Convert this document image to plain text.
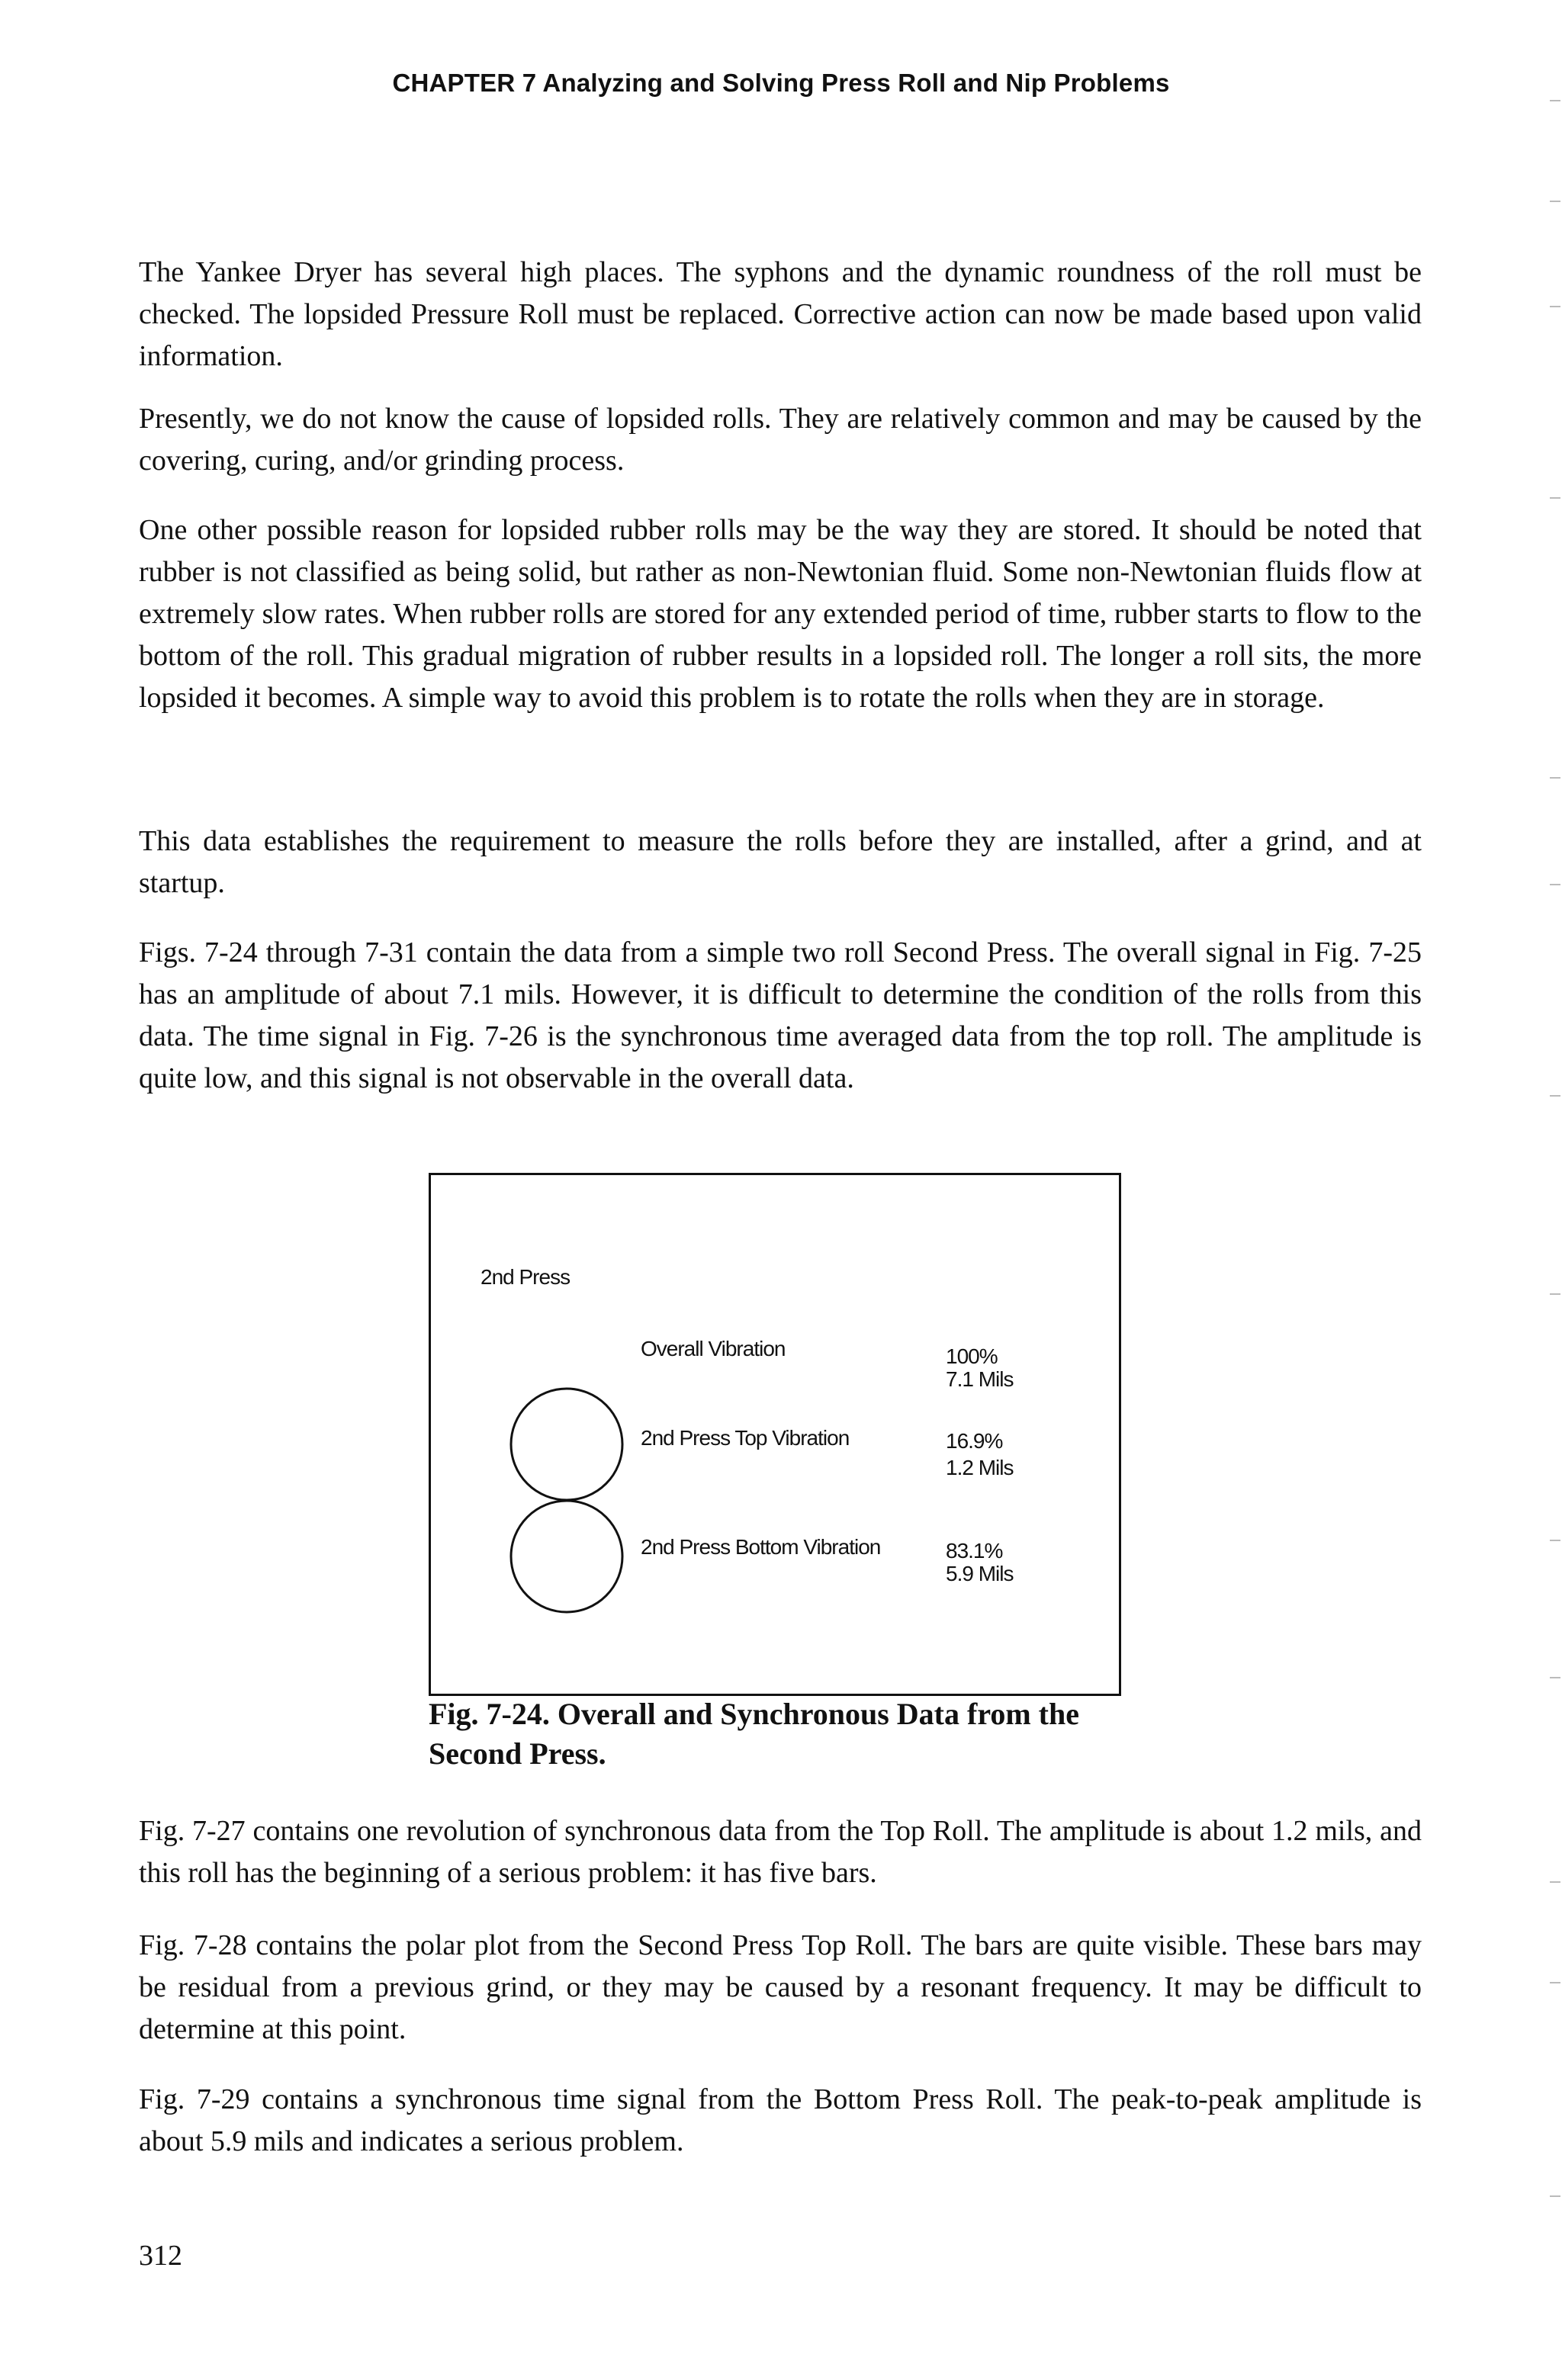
CHAPTER 7 Analyzing and Solving Press Roll and Nip Problems

The Yankee Dryer has several high places. The syphons and the dynamic roundness of the roll must be checked. The lopsided Pressure Roll must be replaced. Corrective action can now be made based upon valid information.

Presently, we do not know the cause of lopsided rolls. They are relatively common and may be caused by the covering, curing, and/or grinding process.

One other possible reason for lopsided rubber rolls may be the way they are stored. It should be noted that rubber is not classified as being solid, but rather as non-Newtonian fluid. Some non-Newtonian fluids flow at extremely slow rates. When rubber rolls are stored for any extended period of time, rubber starts to flow to the bottom of the roll. This gradual migration of rubber results in a lopsided roll. The longer a roll sits, the more lopsided it becomes. A simple way to avoid this problem is to rotate the rolls when they are in storage.

This data establishes the requirement to measure the rolls before they are installed, after a grind, and at startup.

Figs. 7-24 through 7-31 contain the data from a simple two roll Second Press. The overall signal in Fig. 7-25 has an amplitude of about 7.1 mils. However, it is difficult to determine the condition of the rolls from this data. The time signal in Fig. 7-26 is the synchronous time averaged data from the top roll. The amplitude is quite low, and this signal is not observable in the overall data.

2nd Press
Overall Vibration	100%
7.1 Mils
2nd Press Top Vibration	16.9%
1.2 Mils
2nd Press Bottom Vibration	83.1%
5.9 Mils
Fig. 7-24. Overall and Synchronous Data from the Second Press.

Fig. 7-27 contains one revolution of synchronous data from the Top Roll. The amplitude is about 1.2 mils, and this roll has the beginning of a serious problem: it has five bars.

Fig. 7-28 contains the polar plot from the Second Press Top Roll. The bars are quite visible. These bars may be residual from a previous grind, or they may be caused by a resonant frequency. It may be difficult to determine at this point.

Fig. 7-29 contains a synchronous time signal from the Bottom Press Roll. The peak-to-peak amplitude is about 5.9 mils and indicates a serious problem.

312
